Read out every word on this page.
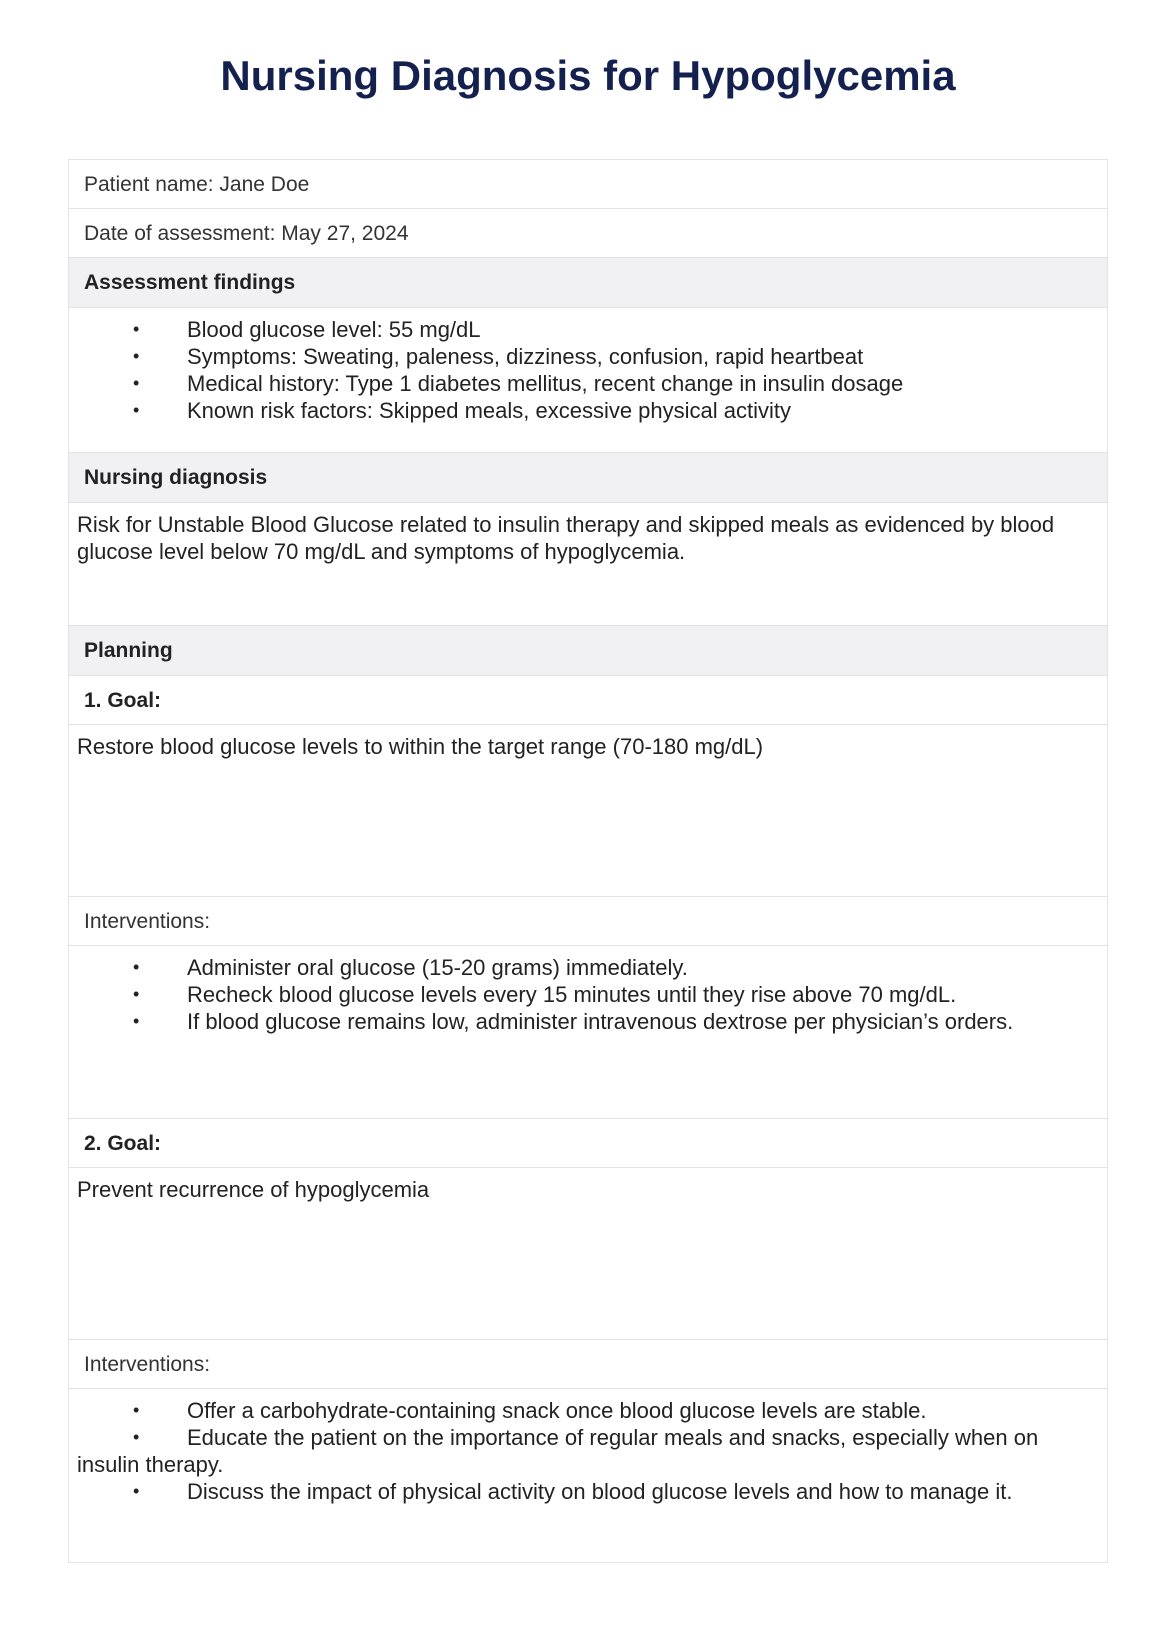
Nursing Diagnosis for Hypoglycemia
Patient name: Jane Doe
Date of assessment: May 27, 2024
Assessment findings
• Blood glucose level: 55 mg/dL
• Symptoms: Sweating, paleness, dizziness, confusion, rapid heartbeat
• Medical history: Type 1 diabetes mellitus, recent change in insulin dosage
• Known risk factors: Skipped meals, excessive physical activity
Nursing diagnosis

Risk for Unstable Blood Glucose related to insulin therapy and skipped meals as evidenced by blood glucose level below 70 mg/dL and symptoms of hypoglycemia.

Planning
1. Goal:

Restore blood glucose levels to within the target range (70-180 mg/dL)

Interventions:
• Administer oral glucose (15-20 grams) immediately.
• Recheck blood glucose levels every 15 minutes until they rise above 70 mg/dL.
• If blood glucose remains low, administer intravenous dextrose per physician’s orders.
2. Goal:

Prevent recurrence of hypoglycemia

Interventions:
• Offer a carbohydrate-containing snack once blood glucose levels are stable.
• Educate the patient on the importance of regular meals and snacks, especially when on insulin therapy.
• Discuss the impact of physical activity on blood glucose levels and how to manage it.
